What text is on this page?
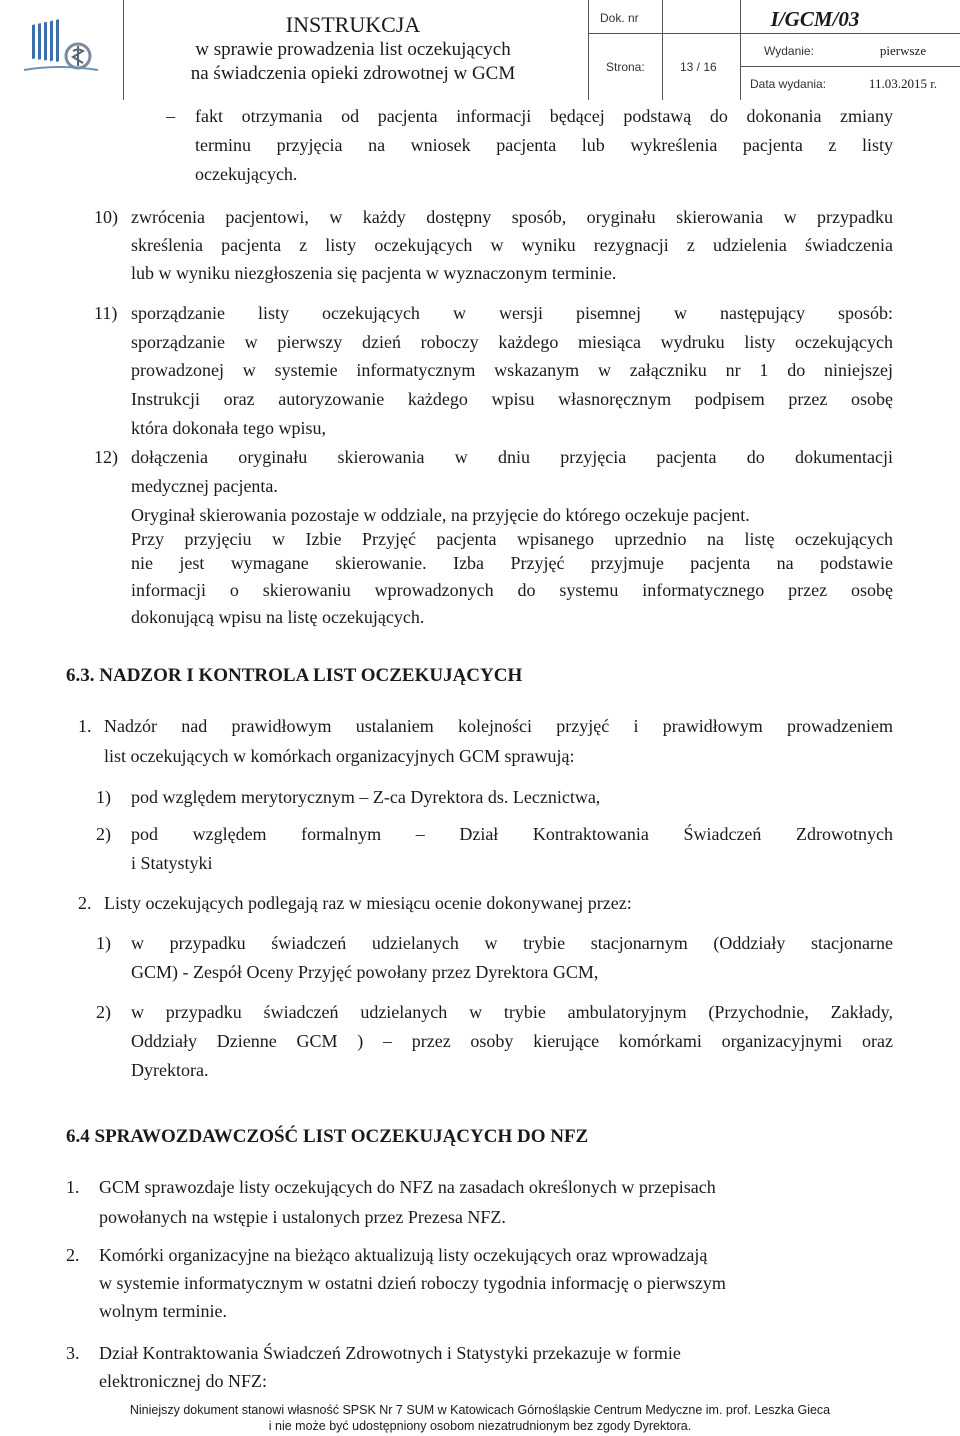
INSTRUKCJA
w sprawie prowadzenia list oczekujących
na świadczenia opieki zdrowotnej w GCM
Dok. nr	I/GCM/03
Strona:	13 / 16
Wydanie:	pierwsze
Data wydania:	11.03.2015 r.
– fakt otrzymania od pacjenta informacji będącej podstawą do dokonania zmiany
terminu przyjęcia na wniosek pacjenta lub wykreślenia pacjenta z listy
oczekujących.
10) zwrócenia pacjentowi, w każdy dostępny sposób, oryginału skierowania w przypadku
skreślenia pacjenta z listy oczekujących w wyniku rezygnacji z udzielenia świadczenia
lub w wyniku niezgłoszenia się pacjenta w wyznaczonym terminie.
11) sporządzanie listy oczekujących w wersji pisemnej w następujący sposób:
sporządzanie w pierwszy dzień roboczy każdego miesiąca wydruku listy oczekujących
prowadzonej w systemie informatycznym wskazanym w załączniku nr 1 do niniejszej
Instrukcji oraz autoryzowanie każdego wpisu własnoręcznym podpisem przez osobę
która dokonała tego wpisu,
12) dołączenia oryginału skierowania w dniu przyjęcia pacjenta do dokumentacji
medycznej pacjenta.
Oryginał skierowania pozostaje w oddziale, na przyjęcie do którego oczekuje pacjent.
Przy przyjęciu w Izbie Przyjęć pacjenta wpisanego uprzednio na listę oczekujących
nie jest wymagane skierowanie. Izba Przyjęć przyjmuje pacjenta na podstawie
informacji o skierowaniu wprowadzonych do systemu informatycznego przez osobę
dokonującą wpisu na listę oczekujących.
6.3. NADZOR I KONTROLA LIST OCZEKUJĄCYCH
1. Nadzór nad prawidłowym ustalaniem kolejności przyjęć i prawidłowym prowadzeniem
list oczekujących w komórkach organizacyjnych GCM sprawują:
1) pod względem merytorycznym – Z-ca Dyrektora ds. Lecznictwa,
2) pod względem formalnym – Dział Kontraktowania Świadczeń Zdrowotnych
i Statystyki
2. Listy oczekujących podlegają raz w miesiącu ocenie dokonywanej przez:
1) w przypadku świadczeń udzielanych w trybie stacjonarnym (Oddziały stacjonarne
GCM) - Zespół Oceny Przyjęć powołany przez Dyrektora GCM,
2) w przypadku świadczeń udzielanych w trybie ambulatoryjnym (Przychodnie, Zakłady,
Oddziały Dzienne GCM ) – przez osoby kierujące komórkami organizacyjnymi oraz
Dyrektora.
6.4 SPRAWOZDAWCZOŚĆ LIST OCZEKUJĄCYCH DO NFZ
1. GCM sprawozdaje listy oczekujących do NFZ na zasadach określonych w przepisach
powołanych na wstępie i ustalonych przez Prezesa NFZ.
2. Komórki organizacyjne na bieżąco aktualizują listy oczekujących oraz wprowadzają
w systemie informatycznym w ostatni dzień roboczy tygodnia informację o pierwszym
wolnym terminie.
3. Dział Kontraktowania Świadczeń Zdrowotnych i Statystyki przekazuje w formie
elektronicznej do NFZ:
Niniejszy dokument stanowi własność SPSK Nr 7 SUM w Katowicach Górnośląskie Centrum Medyczne im. prof. Leszka Gieca
i nie może być udostępniony osobom niezatrudnionym bez zgody Dyrektora.
